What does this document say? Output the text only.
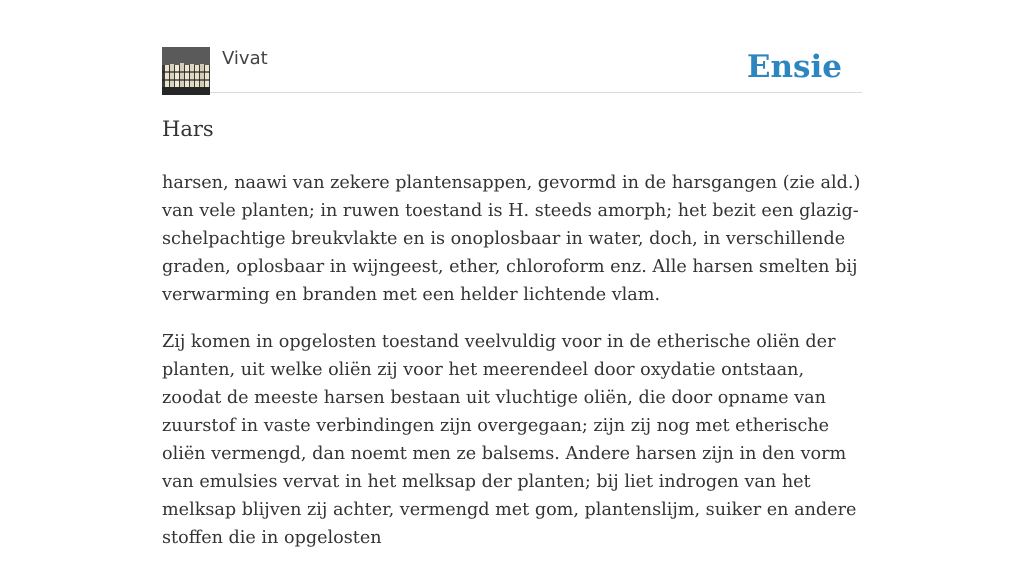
Vivat	Ensie
Hars

harsen, naawi van zekere plantensappen, gevormd in de harsgangen (zie ald.) van vele planten; in ruwen toestand is H. steeds amorph; het bezit een glazig-schelpachtige breukvlakte en is onoplosbaar in water, doch, in verschillende graden, oplosbaar in wijngeest, ether, chloroform enz. Alle harsen smelten bij verwarming en branden met een helder lichtende vlam.

Zij komen in opgelosten toestand veelvuldig voor in de etherische oliën der planten, uit welke oliën zij voor het meerendeel door oxydatie ontstaan, zoodat de meeste harsen bestaan uit vluchtige oliën, die door opname van zuurstof in vaste verbindingen zijn overgegaan; zijn zij nog met etherische oliën vermengd, dan noemt men ze balsems. Andere harsen zijn in den vorm van emulsies vervat in het melksap der planten; bij liet indrogen van het melksap blijven zij achter, vermengd met gom, plantenslijm, suiker en andere stoffen die in opgelosten
